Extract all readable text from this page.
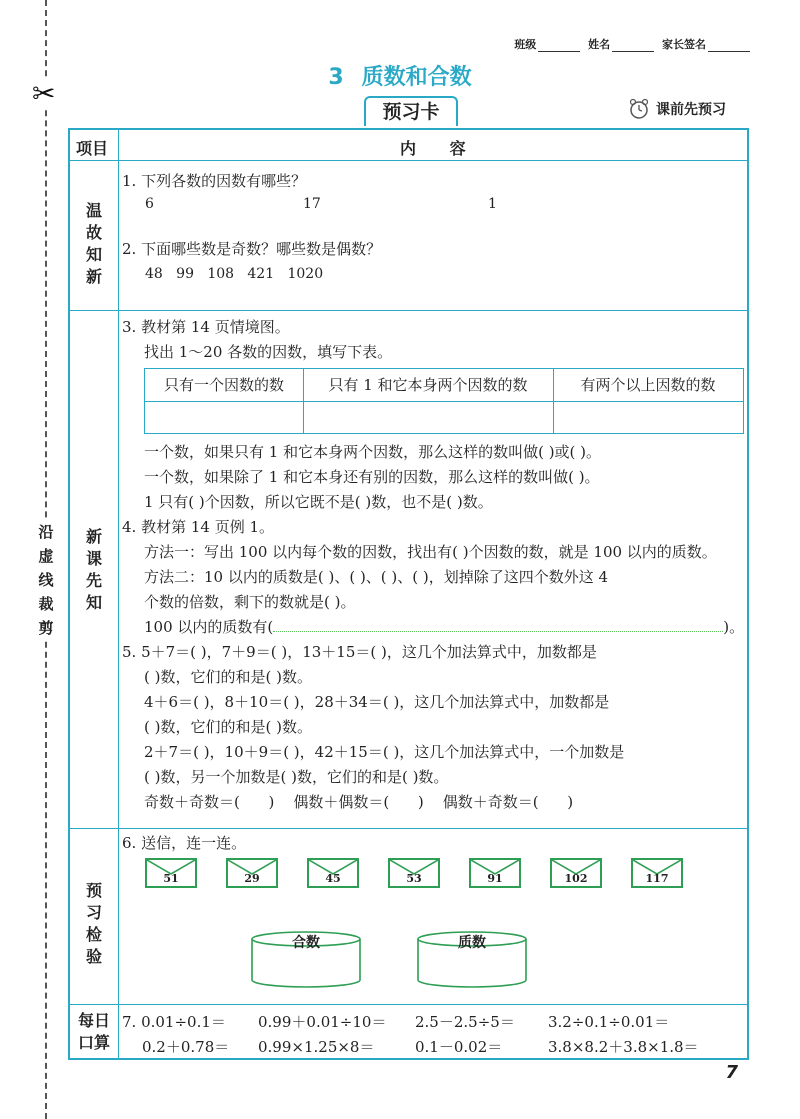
✂
沿
虚
线
裁
剪
班级	姓名	家长签名
3 质数和合数
预习卡	课前先预习
项目	内 容
温
故
知
新
1. 下列各数的因数有哪些？
6	17	1
2. 下面哪些数是奇数？哪些数是偶数？
48   99   108   421   1020
新
课
先
知
3. 教材第 14 页情境图。
找出 1～20 各数的因数，填写下表。
只有一个因数的数	只有 1 和它本身两个因数的数	有两个以上因数的数
一个数，如果只有 1 和它本身两个因数，那么这样的数叫做( )或( )。
一个数，如果除了 1 和它本身还有别的因数，那么这样的数叫做( )。
1 只有( )个因数，所以它既不是( )数，也不是( )数。
4. 教材第 14 页例 1。
方法一：写出 100 以内每个数的因数，找出有( )个因数的数，就是 100 以内的质数。
方法二：10 以内的质数是( )、( )、( )、( )，划掉除了这四个数外这 4
个数的倍数，剩下的数就是( )。
100 以内的质数有(	)。
5. 5＋7＝( )，7＋9＝( )，13＋15＝( )，这几个加法算式中，加数都是
( )数，它们的和是( )数。
4＋6＝( )，8＋10＝( )，28＋34＝( )，这几个加法算式中，加数都是
( )数，它们的和是( )数。
2＋7＝( )，10＋9＝( )，42＋15＝( )，这几个加法算式中，一个加数是
( )数，另一个加数是( )数，它们的和是( )数。
奇数＋奇数＝(      )    偶数＋偶数＝(      )    偶数＋奇数＝(      )
预
习
检
验
6. 送信，连一连。
51	29	45	53	91	102	117
合数	质数
每日
口算
7. 0.01÷0.1＝ 0.99＋0.01÷10＝ 2.5－2.5÷5＝ 3.2÷0.1÷0.01＝
0.2＋0.78＝ 0.99×1.25×8＝	0.1－0.02＝	3.8×8.2＋3.8×1.8＝
7
